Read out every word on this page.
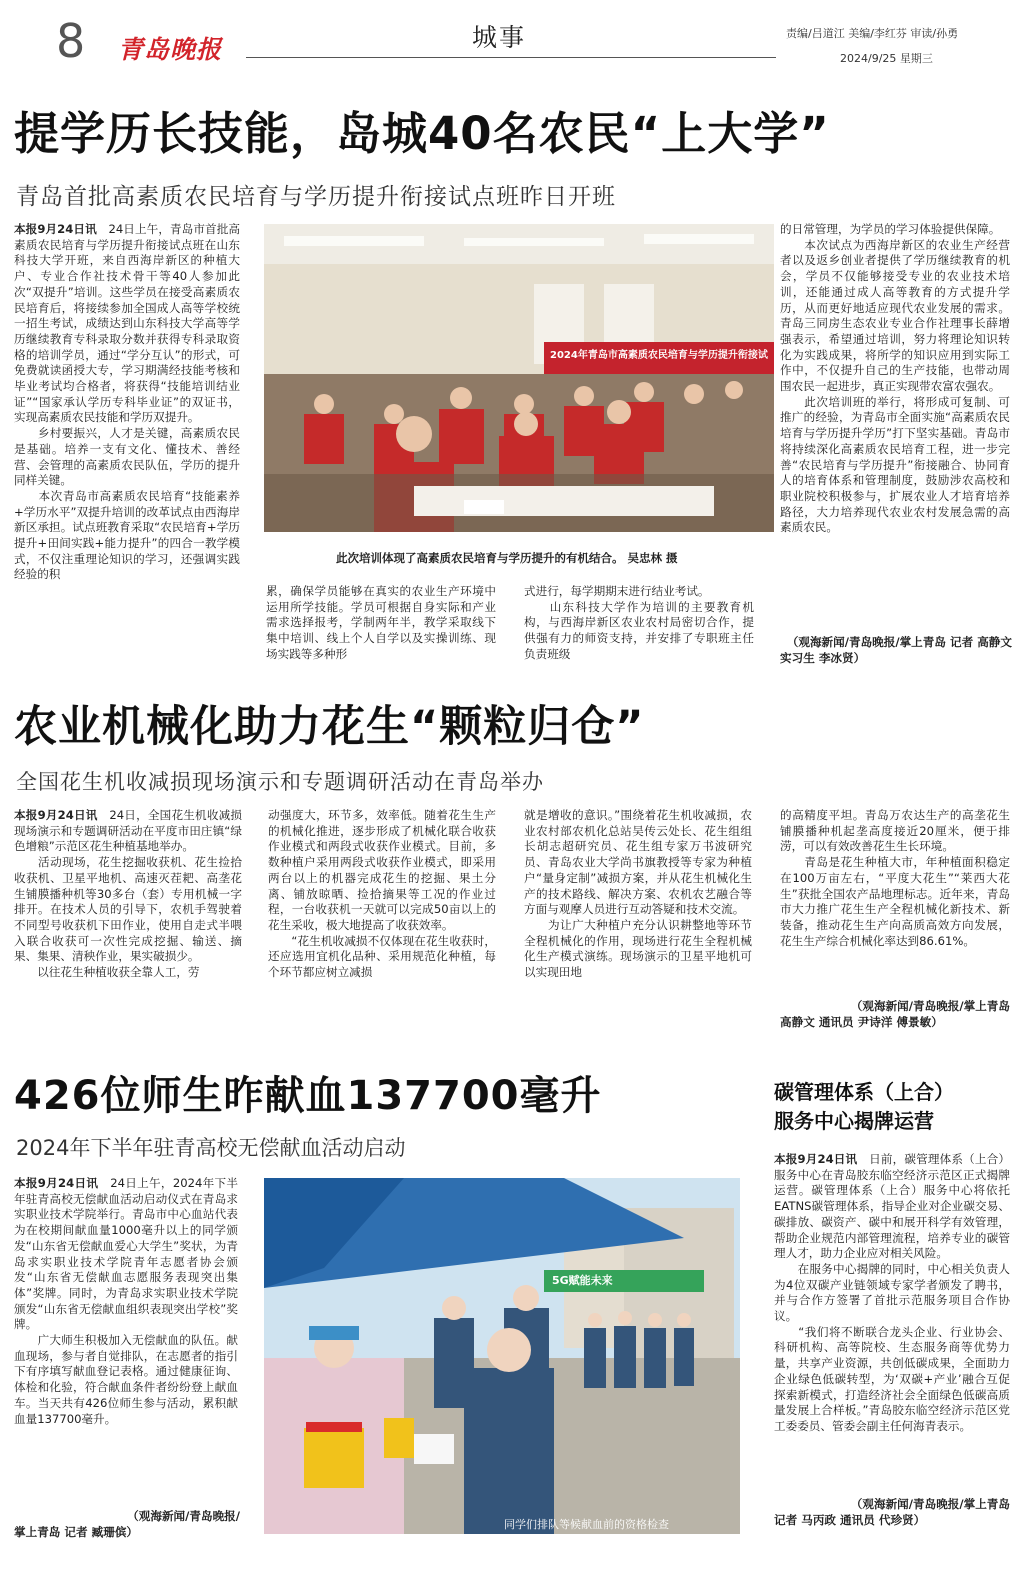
8 青岛晚报	城事	责编/吕道江 美编/李红芬 审读/孙勇
2024/9/25 星期三
提学历长技能，岛城40名农民“上大学”
青岛首批高素质农民培育与学历提升衔接试点班昨日开班
本报9月24日讯　 24日上午，青岛市首批高素质农民培育与学历提升衔接试点班在山东科技大学开班，来自西海岸新区的种植大户、专业合作社技术骨干等40人参加此次“双提升”培训。这些学员在接受高素质农民培育后，将接续参加全国成人高等学校统一招生考试，成绩达到山东科技大学高等学历继续教育专科录取分数并获得专科录取资格的培训学员，通过“学分互认”的形式，可免费就读函授大专，学习期满经技能考核和毕业考试均合格者，将获得“技能培训结业证”“国家承认学历专科毕业证”的双证书，实现高素质农民技能和学历双提升。
　　乡村要振兴，人才是关键，高素质农民是基础。培养一支有文化、懂技术、善经营、会管理的高素质农民队伍，学历的提升同样关键。
　　本次青岛市高素质农民培育“技能素养+学历水平”双提升培训的改革试点由西海岸新区承担。试点班教育采取“农民培育+学历提升+田间实践+能力提升”的四合一教学模式，不仅注重理论知识的学习，还强调实践经验的积
2024年青岛市高素质农民培育与学历提升衔接试
此次培训体现了高素质农民培育与学历提升的有机结合。 吴忠林 摄
累，确保学员能够在真实的农业生产环境中运用所学技能。学员可根据自身实际和产业需求选择报考，学制两年半，教学采取线下集中培训、线上个人自学以及实操训练、现场实践等多种形
式进行，每学期期末进行结业考试。
　　山东科技大学作为培训的主要教育机构，与西海岸新区农业农村局密切合作，提供强有力的师资支持，并安排了专职班主任负责班级
的日常管理，为学员的学习体验提供保障。
　　本次试点为西海岸新区的农业生产经营者以及返乡创业者提供了学历继续教育的机会，学员不仅能够接受专业的农业技术培训，还能通过成人高等教育的方式提升学历，从而更好地适应现代农业发展的需求。青岛三同房生态农业专业合作社理事长薛增强表示，希望通过培训，努力将理论知识转化为实践成果，将所学的知识应用到实际工作中，不仅提升自己的生产技能，也带动周围农民一起进步，真正实现带农富农强农。
　　此次培训班的举行，将形成可复制、可推广的经验，为青岛市全面实施“高素质农民培育与学历提升学历”打下坚实基础。青岛市将持续深化高素质农民培育工程，进一步完善“农民培育与学历提升”衔接融合、协同育人的培育体系和管理制度，鼓励涉农高校和职业院校积极参与，扩展农业人才培育培养路径，大力培养现代农业农村发展急需的高素质农民。
（观海新闻/青岛晚报/掌上青岛 记者 高静文
实习生 李冰贤）
农业机械化助力花生“颗粒归仓”
全国花生机收减损现场演示和专题调研活动在青岛举办
本报9月24日讯　 24日，全国花生机收减损现场演示和专题调研活动在平度市田庄镇“绿色增粮”示范区花生种植基地举办。
　　活动现场，花生挖掘收获机、花生捡拾收获机、卫星平地机、高速灭茬耙、高垄花生铺膜播种机等30多台（套）专用机械一字排开。在技术人员的引导下，农机手驾驶着不同型号收获机下田作业，使用自走式半喂入联合收获可一次性完成挖掘、输送、摘果、集果、清秧作业，果实破损少。
　　以往花生种植收获全靠人工，劳
动强度大，环节多，效率低。随着花生生产的机械化推进，逐步形成了机械化联合收获作业模式和两段式收获作业模式。目前，多数种植户采用两段式收获作业模式，即采用两台以上的机器完成花生的挖掘、果土分离、铺放晾晒、捡拾摘果等工况的作业过程，一台收获机一天就可以完成50亩以上的花生采收，极大地提高了收获效率。
　　“花生机收减损不仅体现在花生收获时，还应选用宜机化品种、采用规范化种植，每个环节都应树立减损
就是增收的意识。”围绕着花生机收减损，农业农村部农机化总站吴传云处长、花生组组长胡志超研究员、花生组专家万书波研究员、青岛农业大学尚书旗教授等专家为种植户“量身定制”减损方案，并从花生机械化生产的技术路线、解决方案、农机农艺融合等方面与观摩人员进行互动答疑和技术交流。
　　为让广大种植户充分认识耕整地等环节全程机械化的作用，现场进行花生全程机械化生产模式演练。现场演示的卫星平地机可以实现田地
的高精度平坦。青岛万农达生产的高垄花生铺膜播种机起垄高度接近20厘米，便于排涝，可以有效改善花生生长环境。
　　青岛是花生种植大市，年种植面积稳定在100万亩左右，“平度大花生”“莱西大花生”获批全国农产品地理标志。近年来，青岛市大力推广花生生产全程机械化新技术、新装备，推动花生生产向高质高效方向发展，花生生产综合机械化率达到86.61%。
（观海新闻/青岛晚报/掌上青岛
高静文 通讯员 尹诗洋 傅景敏）
426位师生昨献血137700毫升
2024年下半年驻青高校无偿献血活动启动
本报9月24日讯　 24日上午，2024年下半年驻青高校无偿献血活动启动仪式在青岛求实职业技术学院举行。青岛市中心血站代表为在校期间献血量1000毫升以上的同学颁发“山东省无偿献血爱心大学生”奖状，为青岛求实职业技术学院青年志愿者协会颁发“山东省无偿献血志愿服务表现突出集体”奖牌。同时，为青岛求实职业技术学院颁发“山东省无偿献血组织表现突出学校”奖牌。
　　广大师生积极加入无偿献血的队伍。献血现场，参与者自觉排队，在志愿者的指引下有序填写献血登记表格。通过健康征询、体检和化验，符合献血条件者纷纷登上献血车。当天共有426位师生参与活动，累积献血量137700毫升。
（观海新闻/青岛晚报/
掌上青岛 记者 臧珊傧）
5G赋能未来
同学们排队等候献血前的资格检查
碳管理体系（上合）
服务中心揭牌运营
本报9月24日讯　 日前，碳管理体系（上合）服务中心在青岛胶东临空经济示范区正式揭牌运营。碳管理体系（上合）服务中心将依托EATNS碳管理体系，指导企业对企业碳交易、碳排放、碳资产、碳中和展开科学有效管理，帮助企业规范内部管理流程，培养专业的碳管理人才，助力企业应对相关风险。
　　在服务中心揭牌的同时，中心相关负责人为4位双碳产业链领域专家学者颁发了聘书，并与合作方签署了首批示范服务项目合作协议。
　　“我们将不断联合龙头企业、行业协会、科研机构、高等院校、生态服务商等优势力量，共享产业资源，共创低碳成果，全面助力企业绿色低碳转型，为‘双碳+产业’融合互促探索新模式，打造经济社会全面绿色低碳高质量发展上合样板。”青岛胶东临空经济示范区党工委委员、管委会副主任何海青表示。
（观海新闻/青岛晚报/掌上青岛
记者 马丙政 通讯员 代珍贤）
